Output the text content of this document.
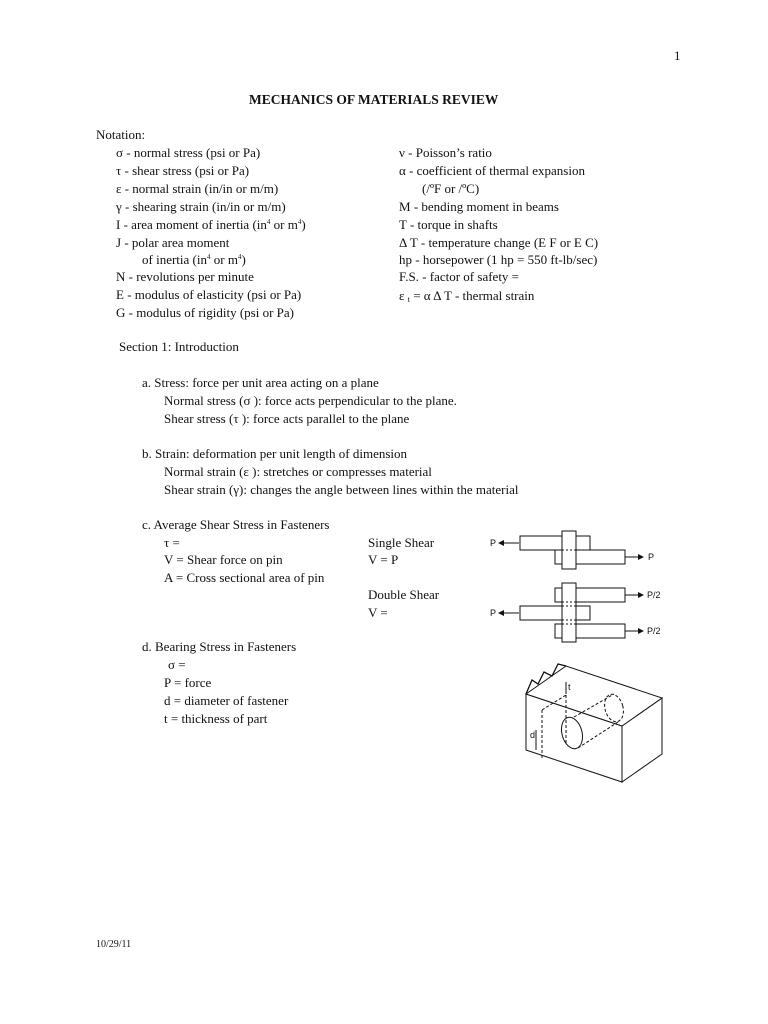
1
MECHANICS OF MATERIALS REVIEW
Notation:
σ - normal stress (psi or Pa)
τ - shear stress (psi or Pa)
ε - normal strain (in/in or m/m)
γ - shearing strain (in/in or m/m)
I - area moment of inertia ($in^4$ or $m^4$)
J - polar area moment
of inertia ($in^4$ or $m^4$)
N - revolutions per minute
E - modulus of elasticity (psi or Pa)
G - modulus of rigidity (psi or Pa)
ν - Poisson’s ratio
α - coefficient of thermal expansion
(/ºF or /ºC)
M - bending moment in beams
T - torque in shafts
Δ T - temperature change (E F or E C)
hp - horsepower (1 hp = 550 ft-lb/sec)
F.S. - factor of safety =
ε $_t$ = α Δ T - thermal strain
Section 1: Introduction
a. Stress: force per unit area acting on a plane
Normal stress (σ ): force acts perpendicular to the plane.
Shear stress (τ ): force acts parallel to the plane
b. Strain: deformation per unit length of dimension
Normal strain (ε ): stretches or compresses material
Shear strain (γ): changes the angle between lines within the material
c. Average Shear Stress in Fasteners
τ =
V = Shear force on pin
A = Cross sectional area of pin
Single Shear
V = P
Double Shear
V =
P
P
P
P/2
P/2
d. Bearing Stress in Fasteners
σ =
P = force
d = diameter of fastener
t = thickness of part
d
t
10/29/11
